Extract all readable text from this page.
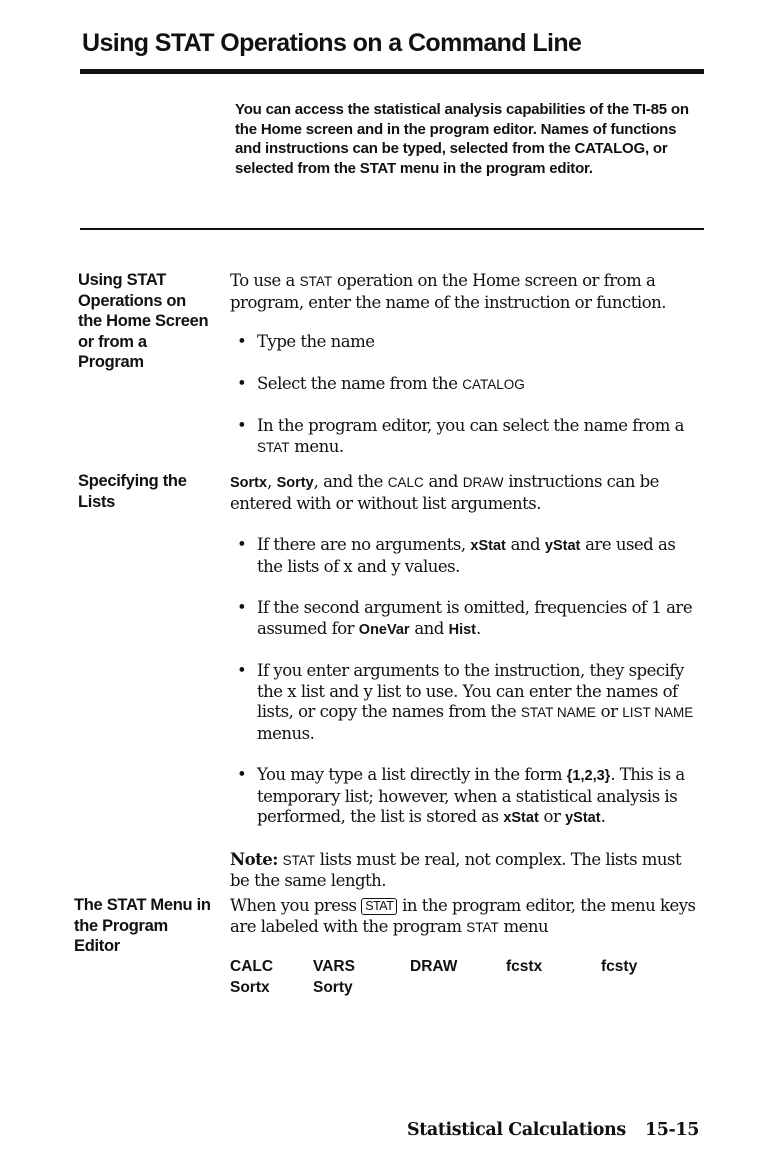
Using STAT Operations on a Command Line

You can access the statistical analysis capabilities of the TI-85 on the Home screen and in the program editor. Names of functions and instructions can be typed, selected from the CATALOG, or selected from the STAT menu in the program editor.

Using STAT
Operations on
the Home Screen
or from a
Program

To use a STAT operation on the Home screen or from a program, enter the name of the instruction or function.

• Type the name

• Select the name from the CATALOG

• In the program editor, you can select the name from a STAT menu.

Specifying the
Lists

Sortx, Sorty, and the CALC and DRAW instructions can be entered with or without list arguments.

• If there are no arguments, xStat and yStat are used as the lists of x and y values.

• If the second argument is omitted, frequencies of 1 are assumed for OneVar and Hist.

• If you enter arguments to the instruction, they specify the x list and y list to use. You can enter the names of lists, or copy the names from the STAT NAME or LIST NAME menus.

• You may type a list directly in the form {1,2,3}. This is a temporary list; however, when a statistical analysis is performed, the list is stored as xStat or yStat.

Note: STAT lists must be real, not complex. The lists must be the same length.

The STAT Menu in
the Program
Editor

When you press STAT in the program editor, the menu keys are labeled with the program STAT menu

CALC	VARS	DRAW	fcstx	fcsty
Sortx	Sorty
Statistical Calculations 15-15
